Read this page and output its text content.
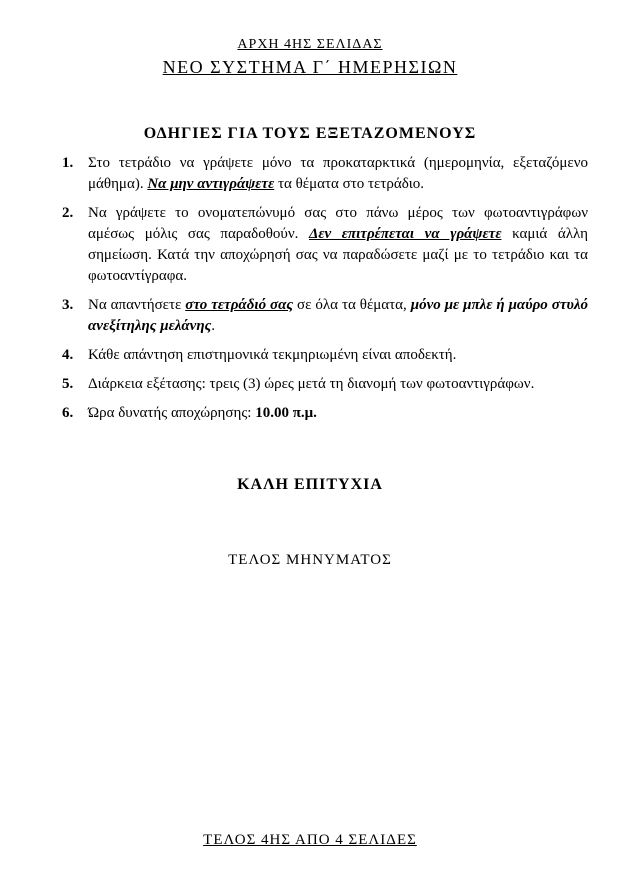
ΑΡΧΗ 4ΗΣ ΣΕΛΙΔΑΣ
ΝΕΟ ΣΥΣΤΗΜΑ Γ΄ ΗΜΕΡΗΣΙΩΝ
ΟΔΗΓΙΕΣ ΓΙΑ ΤΟΥΣ ΕΞΕΤΑΖΟΜΕΝΟΥΣ
1. Στο τετράδιο να γράψετε μόνο τα προκαταρκτικά (ημερομηνία, εξεταζόμενο μάθημα). Να μην αντιγράψετε τα θέματα στο τετράδιο.
2. Να γράψετε το ονοματεπώνυμό σας στο πάνω μέρος των φωτοαντιγράφων αμέσως μόλις σας παραδοθούν. Δεν επιτρέπεται να γράψετε καμιά άλλη σημείωση. Κατά την αποχώρησή σας να παραδώσετε μαζί με το τετράδιο και τα φωτοαντίγραφα.
3. Να απαντήσετε στο τετράδιό σας σε όλα τα θέματα, μόνο με μπλε ή μαύρο στυλό ανεξίτηλης μελάνης.
4. Κάθε απάντηση επιστημονικά τεκμηριωμένη είναι αποδεκτή.
5. Διάρκεια εξέτασης: τρεις (3) ώρες μετά τη διανομή των φωτοαντιγράφων.
6. Ώρα δυνατής αποχώρησης: 10.00 π.μ.
ΚΑΛΗ ΕΠΙΤΥΧΙΑ
ΤΕΛΟΣ ΜΗΝΥΜΑΤΟΣ
ΤΕΛΟΣ 4ΗΣ ΑΠΟ 4 ΣΕΛΙΔΕΣ
